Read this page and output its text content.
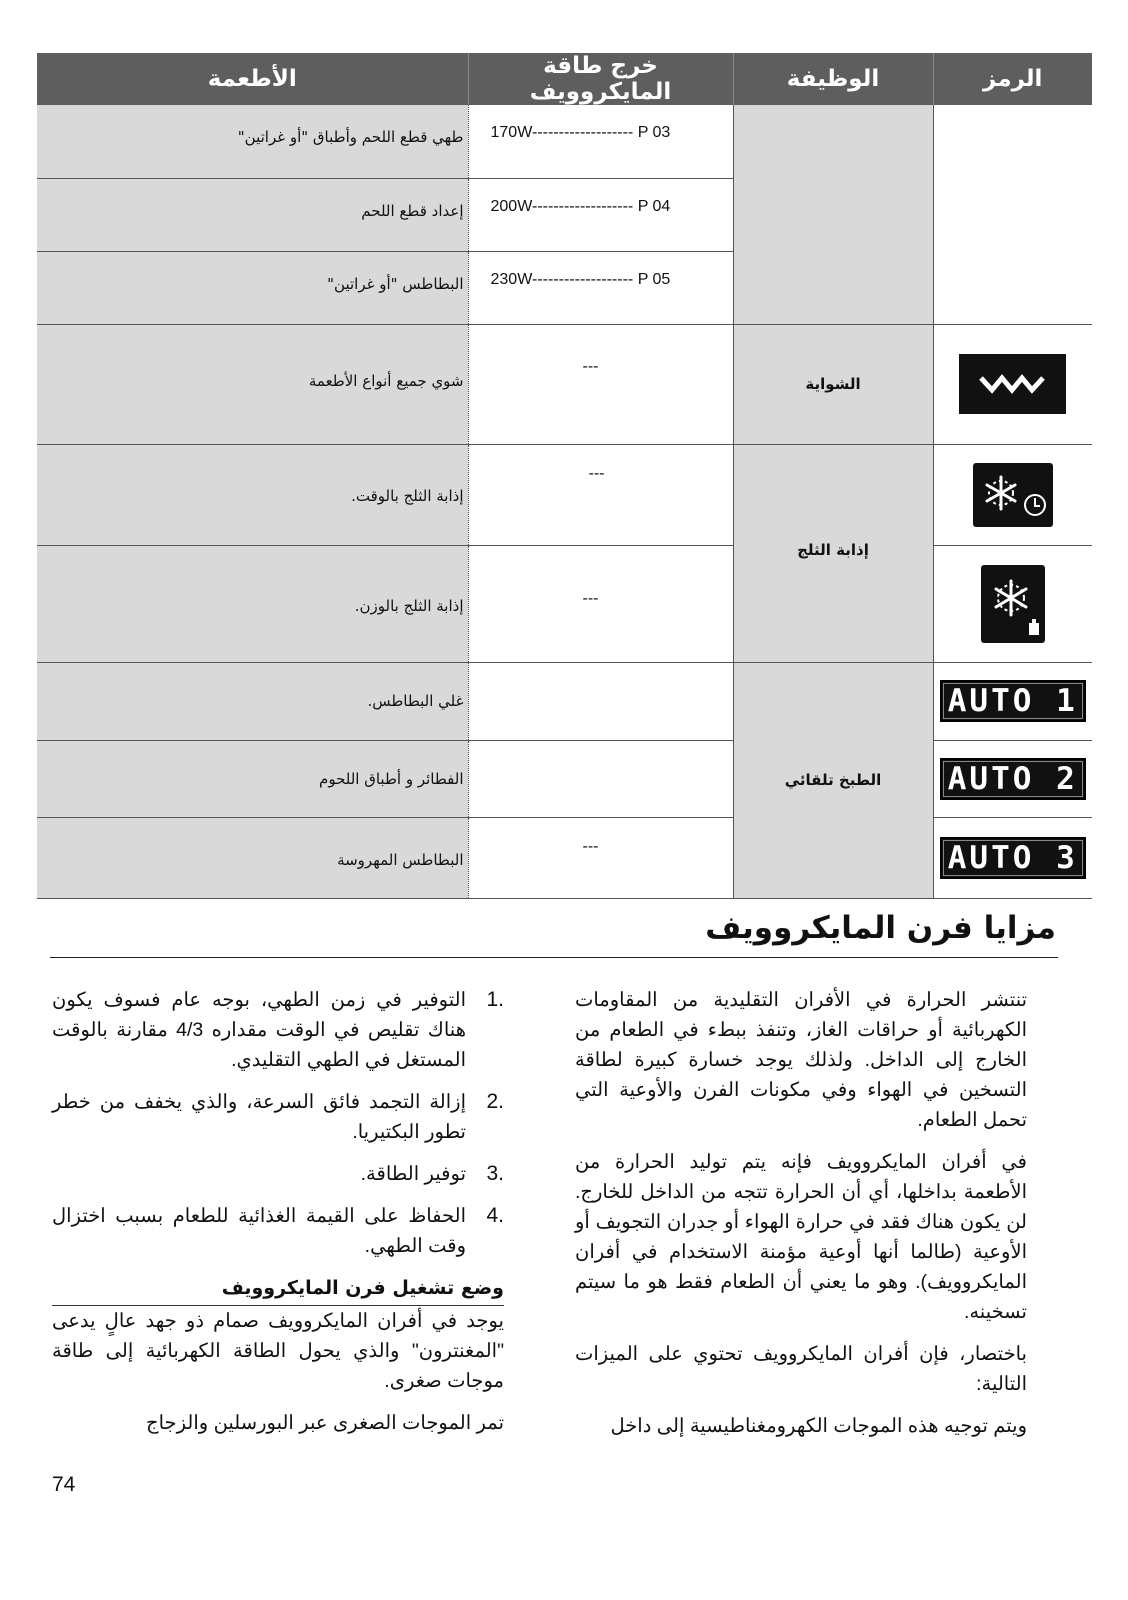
الأطعمة	خرج طاقة المايكروويف	الوظيفة	الرمز

طهي قطع اللحم وأطباق "أو غراتين"	170W------------------- P 03		

إعداد قطع اللحم	200W------------------- P 04		

البطاطس "أو غراتين"	230W------------------- P 05		

شوي جميع أنواع الأطعمة	---	الشواية

إذابة الثلج بالوقت.	---	إذابة الثلج

إذابة الثلج بالوزن.	---

غلي البطاطس.		الطبخ تلقائي	AUTO 1

الفطائر و أطباق اللحوم			AUTO 2

البطاطس المهروسة	---		AUTO 3
مزايا فرن المايكروويف

تنتشر الحرارة في الأفران التقليدية من المقاومات الكهربائية أو حراقات الغاز، وتنفذ ببطء في الطعام من الخارج إلى الداخل. ولذلك يوجد خسارة كبيرة لطاقة التسخين في الهواء وفي مكونات الفرن والأوعية التي تحمل الطعام.

في أفران المايكروويف فإنه يتم توليد الحرارة من الأطعمة بداخلها، أي أن الحرارة تتجه من الداخل للخارج. لن يكون هناك فقد في حرارة الهواء أو جدران التجويف أو الأوعية (طالما أنها أوعية مؤمنة الاستخدام في أفران المايكروويف). وهو ما يعني أن الطعام فقط هو ما سيتم تسخينه.

باختصار، فإن أفران المايكروويف تحتوي على الميزات التالية:

ويتم توجيه هذه الموجات الكهرومغناطيسية إلى داخل

1.
التوفير في زمن الطهي، بوجه عام فسوف يكون هناك تقليص في الوقت مقداره 4/3 مقارنة بالوقت المستغل في الطهي التقليدي.
2.
إزالة التجمد فائق السرعة، والذي يخفف من خطر تطور البكتيريا.
3.
توفير الطاقة.
4.
الحفاظ على القيمة الغذائية للطعام بسبب اختزال وقت الطهي.
وضع تشغيل فرن المايكروويف

يوجد في أفران المايكروويف صمام ذو جهد عالٍ يدعى "المغنترون" والذي يحول الطاقة الكهربائية إلى طاقة موجات صغرى.

تمر الموجات الصغرى عبر البورسلين والزجاج

74
